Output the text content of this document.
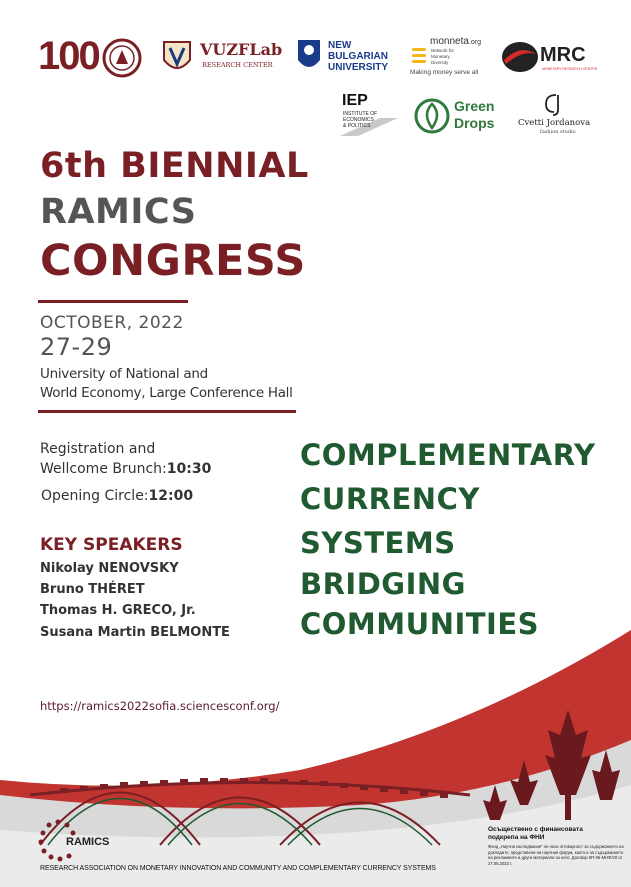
100	VUZFLab
RESEARCH CENTER
NEW
BULGARIAN
UNIVERSITY
monneta.org
Network for
Monetary
Diversity
Making money serve all
MRC
MONETARY RESEARCH CENTER
IEP
INSTITUTE OF
ECONOMICS
& POLITICS
Green
Drops	Cvetti Jordanova
fashion studio
6th BIENNIAL
RAMICS
CONGRESS
OCTOBER, 2022
27-29
University of National and
World Economy, Large Conference Hall
Registration and
Wellcome Brunch:10:30
Opening Circle:12:00
KEY SPEAKERS
Nikolay NENOVSKY
Bruno THÉRET
Thomas H. GRECO, Jr.
Susana Martin BELMONTE
COMPLEMENTARY
CURRENCY
SYSTEMS
BRIDGING
COMMUNITIES
https://ramics2022sofia.sciencesconf.org/
RAMICS
RESEARCH ASSOCIATION ON MONETARY INNOVATION AND COMMUNITY AND COMPLEMENTARY CURRENCY SYSTEMS
Осъществено с финансовата
подкрепа на ФНИ
Фонд „Научни изследвания“ не носи отговорност за съдържанието на докладите, представени на научния форум, както и за съдържанието на рекламните и други материали за него. Договор КП-06-МНФ/20 от 27.05.2022 г.
